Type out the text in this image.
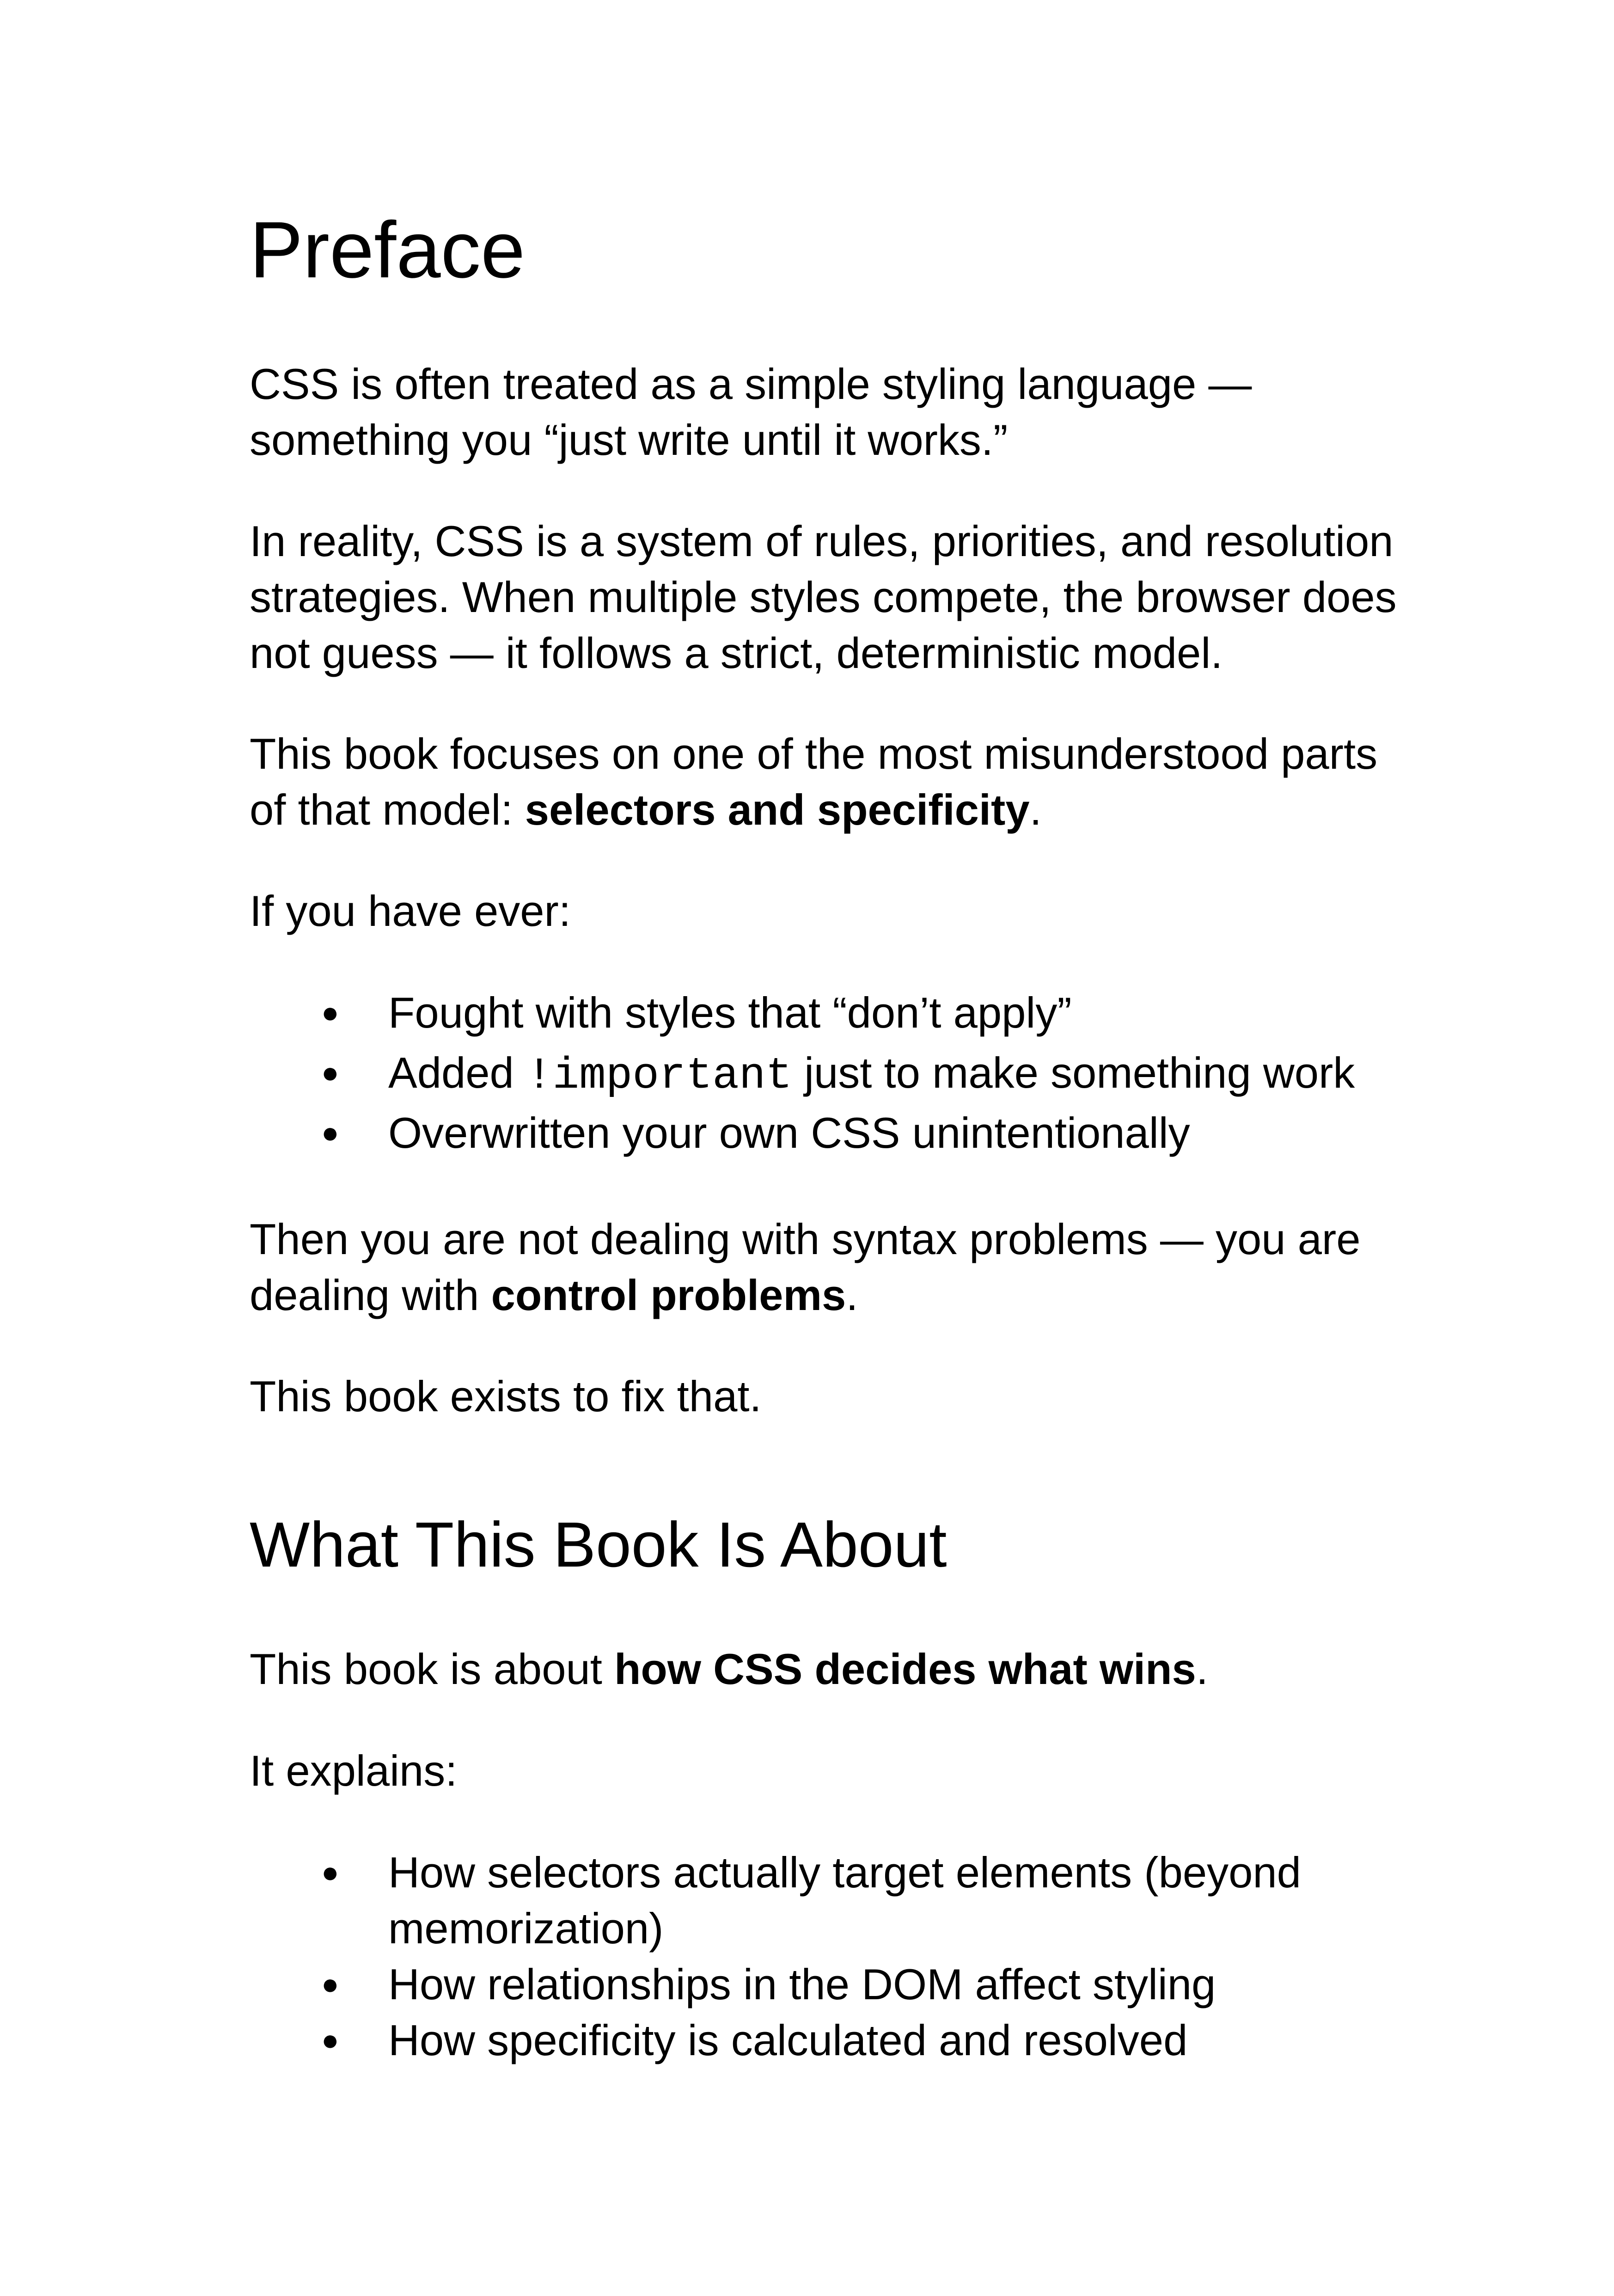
Preface

CSS is often treated as a simple styling language — something you “just write until it works.”

In reality, CSS is a system of rules, priorities, and resolution strategies. When multiple styles compete, the browser does not guess — it follows a strict, deterministic model.

This book focuses on one of the most misunderstood parts of that model: selectors and specificity.

If you have ever:

● Fought with styles that “don’t apply”
● Added !important just to make something work
● Overwritten your own CSS unintentionally

Then you are not dealing with syntax problems — you are dealing with control problems.

This book exists to fix that.

What This Book Is About

This book is about how CSS decides what wins.

It explains:

● How selectors actually target elements (beyond memorization)
● How relationships in the DOM affect styling
● How specificity is calculated and resolved
